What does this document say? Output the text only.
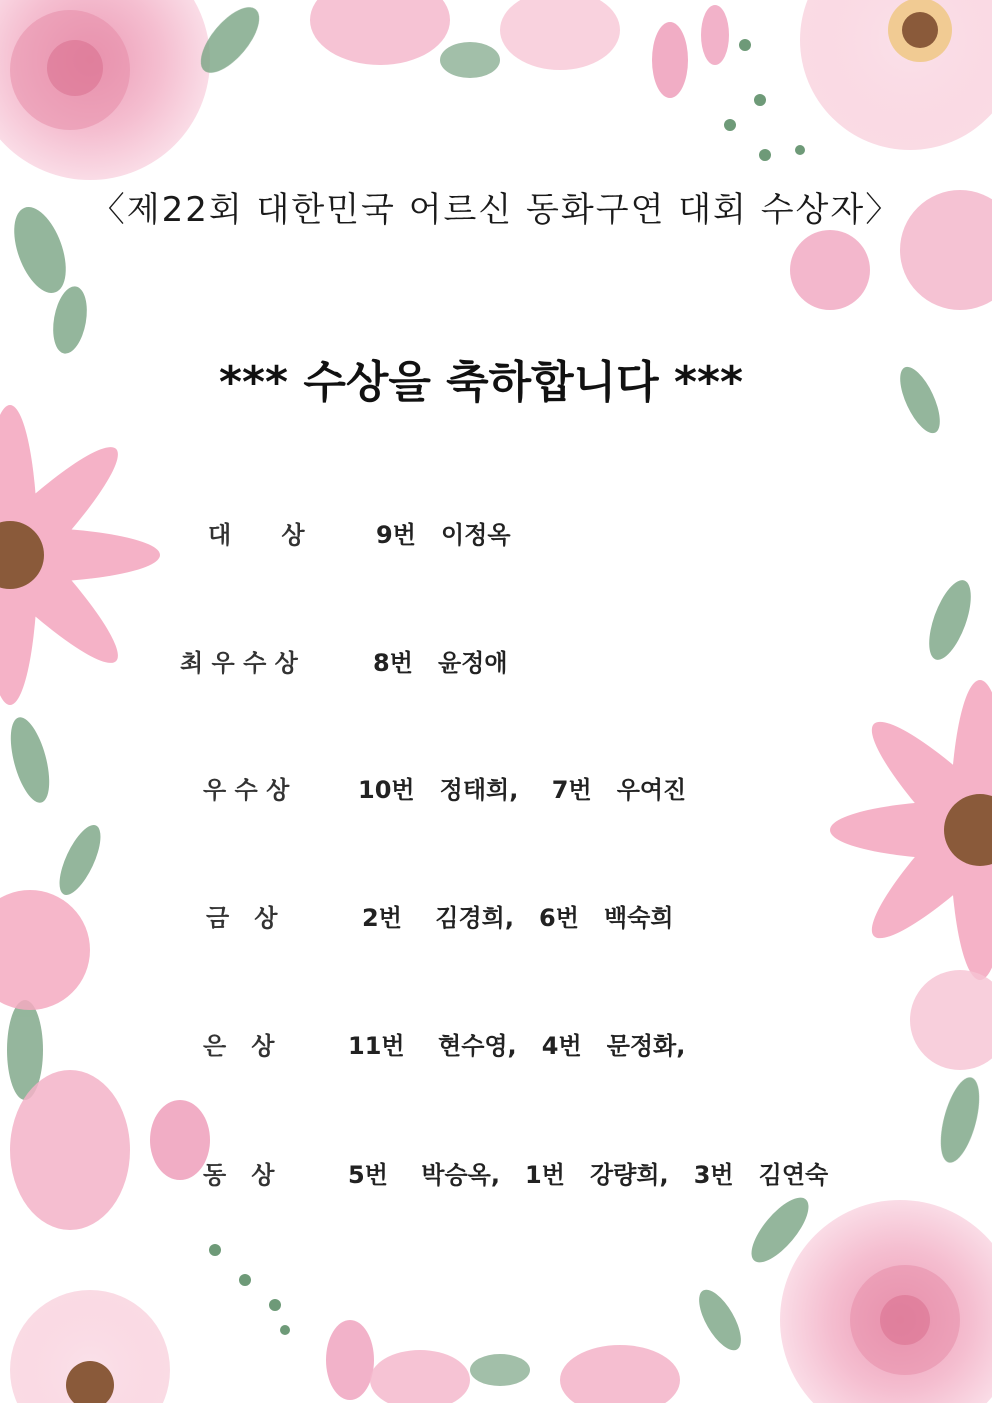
〈제22회 대한민국 어르신 동화구연 대회 수상자〉
*** 수상을 축하합니다 ***
대      상	9번   이정옥
최 우 수 상	8번   윤정애
우 수 상	10번   정태희,    7번   우여진
금   상	2번    김경희,   6번   백숙희
은   상	11번    현수영,   4번   문정화,
동   상	5번    박승옥,   1번   강량희,   3번   김연숙
